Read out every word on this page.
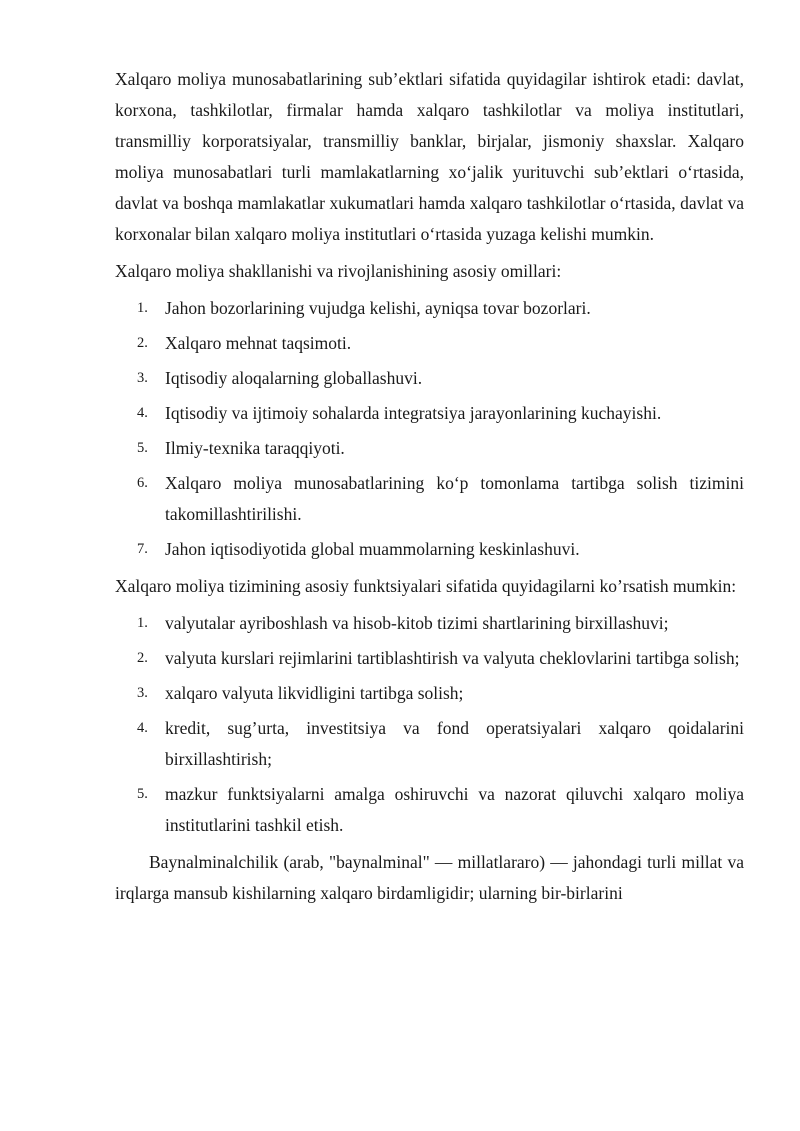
Xalqaro moliya munosabatlarining sub’ektlari sifatida quyidagilar ishtirok etadi: davlat, korxona, tashkilotlar, firmalar hamda xalqaro tashkilotlar va moliya institutlari, transmilliy korporatsiyalar, transmilliy banklar, birjalar, jismoniy shaxslar. Xalqaro moliya munosabatlari turli mamlakatlarning xo‘jalik yurituvchi sub’ektlari o‘rtasida, davlat va boshqa mamlakatlar xukumatlari hamda xalqaro tashkilotlar o‘rtasida, davlat va korxonalar bilan xalqaro moliya institutlari o‘rtasida yuzaga kelishi mumkin.

Xalqaro moliya shakllanishi va rivojlanishining asosiy omillari:

1. Jahon bozorlarining vujudga kelishi, ayniqsa tovar bozorlari.
2. Xalqaro mehnat taqsimoti.
3. Iqtisodiy aloqalarning globallashuvi.
4. Iqtisodiy va ijtimoiy sohalarda integratsiya jarayonlarining kuchayishi.
5. Ilmiy-texnika taraqqiyoti.
6. Xalqaro moliya munosabatlarining ko‘p tomonlama tartibga solish tizimini takomillashtirilishi.
7. Jahon iqtisodiyotida global muammolarning keskinlashuvi.

Xalqaro moliya tizimining asosiy funktsiyalari sifatida quyidagilarni ko’rsatish mumkin:

1. valyutalar ayriboshlash va hisob-kitob tizimi shartlarining birxillashuvi;
2. valyuta kurslari rejimlarini tartiblashtirish va valyuta cheklovlarini tartibga solish;
3. xalqaro valyuta likvidligini tartibga solish;
4. kredit, sug’urta, investitsiya va fond operatsiyalari xalqaro qoidalarini birxillashtirish;
5. mazkur funktsiyalarni amalga oshiruvchi va nazorat qiluvchi xalqaro moliya institutlarini tashkil etish.

Baynalminalchilik (arab, "baynalminal" — millatlararo) — jahondagi turli millat va irqlarga mansub kishilarning xalqaro birdamligidir; ularning bir-birlarini
